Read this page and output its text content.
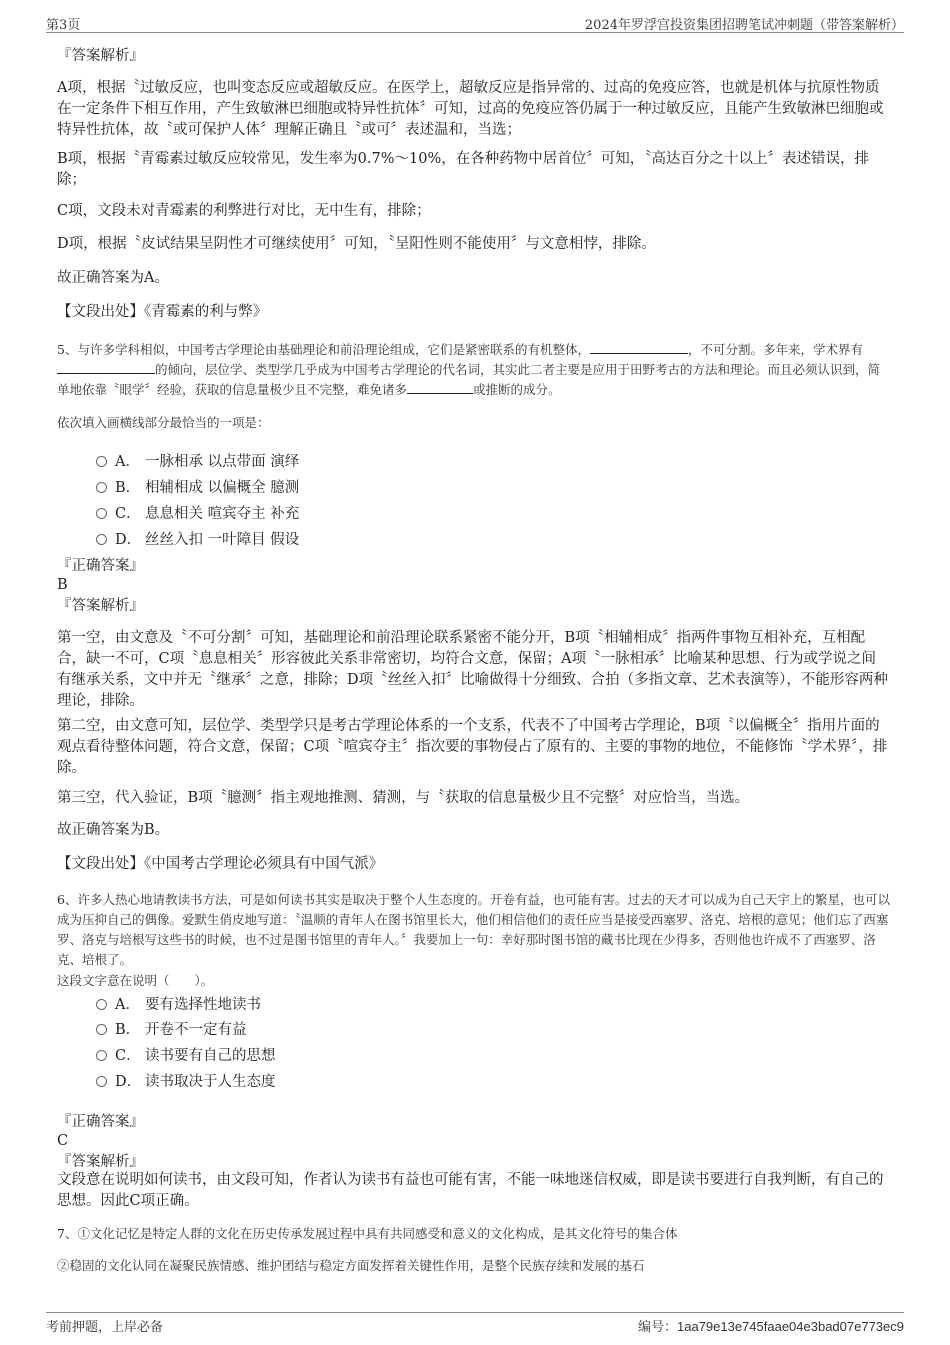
第3页	2024年罗浮宫投资集团招聘笔试冲刺题（带答案解析）
『答案解析』

A项，根据〝过敏反应，也叫变态反应或超敏反应。在医学上，超敏反应是指异常的、过高的免疫应答，也就是机体与抗原性物质在一定条件下相互作用，产生致敏淋巴细胞或特异性抗体〞可知，过高的免疫应答仍属于一种过敏反应，且能产生致敏淋巴细胞或特异性抗体，故〝或可保护人体〞理解正确且〝或可〞表述温和，当选；

B项，根据〝青霉素过敏反应较常见，发生率为0.7%～10%，在各种药物中居首位〞可知，〝高达百分之十以上〞表述错误，排除；

C项，文段未对青霉素的利弊进行对比，无中生有，排除；

D项，根据〝皮试结果呈阴性才可继续使用〞可知，〝呈阳性则不能使用〞与文意相悖，排除。

故正确答案为A。

【文段出处】《青霉素的利与弊》

5、与许多学科相似，中国考古学理论由基础理论和前沿理论组成，它们是紧密联系的有机整体，	，不可分割。多年来，学术界有的倾向，层位学、类型学几乎成为中国考古学理论的代名词，其实此二者主要是应用于田野考古的方法和理论。而且必须认识到，简单地依靠〝眼学〞经验，获取的信息量极少且不完整，难免诸多	或推断的成分。

依次填入画横线部分最恰当的一项是：

A． 一脉相承 以点带面 演绎
B． 相辅相成 以偏概全 臆测
C． 息息相关 喧宾夺主 补充
D． 丝丝入扣 一叶障目 假设
『正确答案』
B
『答案解析』

第一空，由文意及〝不可分割〞可知，基础理论和前沿理论联系紧密不能分开，B项〝相辅相成〞指两件事物互相补充，互相配合，缺一不可，C项〝息息相关〞形容彼此关系非常密切，均符合文意，保留；A项〝一脉相承〞比喻某种思想、行为或学说之间有继承关系，文中并无〝继承〞之意，排除；D项〝丝丝入扣〞比喻做得十分细致、合拍（多指文章、艺术表演等），不能形容两种理论，排除。

第二空，由文意可知，层位学、类型学只是考古学理论体系的一个支系，代表不了中国考古学理论，B项〝以偏概全〞指用片面的观点看待整体问题，符合文意，保留；C项〝喧宾夺主〞指次要的事物侵占了原有的、主要的事物的地位，不能修饰〝学术界〞，排除。

第三空，代入验证，B项〝臆测〞指主观地推测、猜测，与〝获取的信息量极少且不完整〞对应恰当，当选。

故正确答案为B。

【文段出处】《中国考古学理论必须具有中国气派》

6、许多人热心地请教读书方法，可是如何读书其实是取决于整个人生态度的。开卷有益，也可能有害。过去的天才可以成为自己天宇上的繁星，也可以成为压抑自己的偶像。爱默生俏皮地写道：〝温顺的青年人在图书馆里长大，他们相信他们的责任应当是接受西塞罗、洛克、培根的意见；他们忘了西塞罗、洛克与培根写这些书的时候，也不过是图书馆里的青年人。〞我要加上一句：幸好那时图书馆的藏书比现在少得多，否则他也许成不了西塞罗、洛克、培根了。

这段文字意在说明（　　）。

A． 要有选择性地读书
B． 开卷不一定有益
C． 读书要有自己的思想
D． 读书取决于人生态度
『正确答案』
C
『答案解析』

文段意在说明如何读书，由文段可知，作者认为读书有益也可能有害，不能一味地迷信权威，即是读书要进行自我判断，有自己的思想。因此C项正确。

7、①文化记忆是特定人群的文化在历史传承发展过程中具有共同感受和意义的文化构成，是其文化符号的集合体

②稳固的文化认同在凝聚民族情感、维护团结与稳定方面发挥着关键性作用，是整个民族存续和发展的基石

考前押题，上岸必备	编号：1aa79e13e745faae04e3bad07e773ec9
